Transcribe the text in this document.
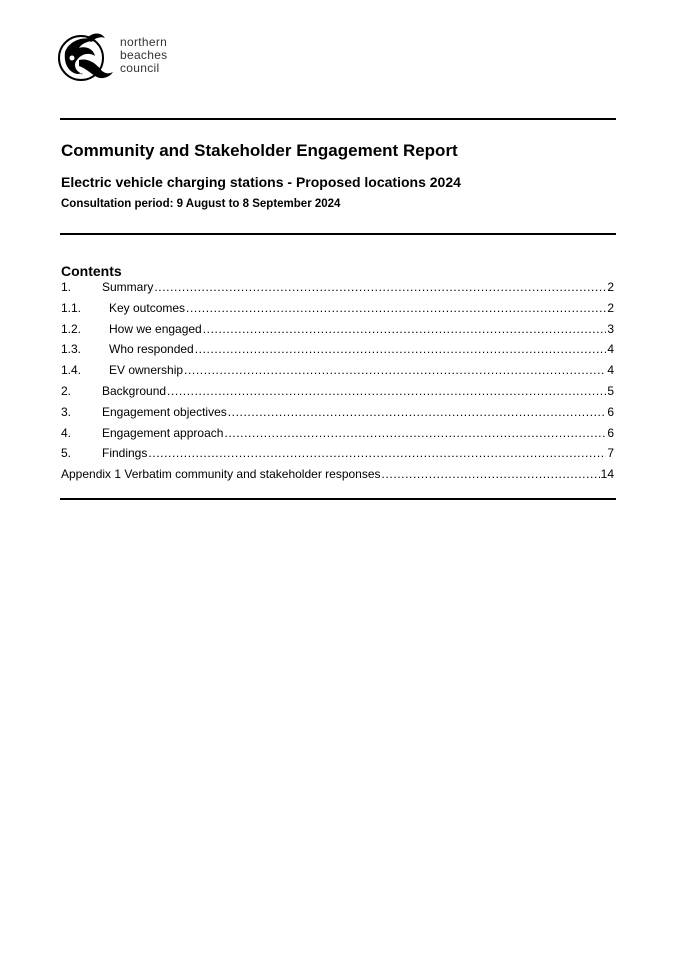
northern
beaches
council
Community and Stakeholder Engagement Report
Electric vehicle charging stations - Proposed locations 2024
Consultation period: 9 August to 8 September 2024
Contents
1.	Summary .....	2
1.1.	Key outcomes .....	2
1.2.	How we engaged .....	3
1.3.	Who responded .....	4
1.4.	EV ownership .....	4
2.	Background .....	5
3.	Engagement objectives .....	6
4.	Engagement approach .....	6
5.	Findings .....	7
Appendix 1 Verbatim community and stakeholder responses .....	14
